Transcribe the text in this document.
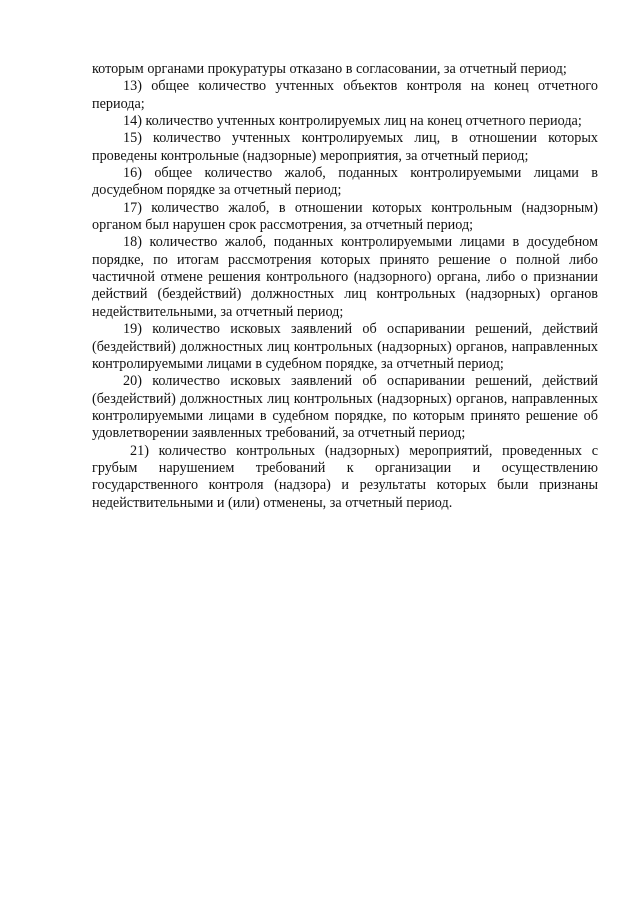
которым органами прокуратуры отказано в согласовании, за отчетный период;

13) общее количество учтенных объектов контроля на конец отчетного периода;

14) количество учтенных контролируемых лиц на конец отчетного периода;

15) количество учтенных контролируемых лиц, в отношении которых проведены контрольные (надзорные) мероприятия, за отчетный период;

16) общее количество жалоб, поданных контролируемыми лицами в досудебном порядке за отчетный период;

17) количество жалоб, в отношении которых контрольным (надзорным) органом был нарушен срок рассмотрения, за отчетный период;

18) количество жалоб, поданных контролируемыми лицами в досудебном порядке, по итогам рассмотрения которых принято решение о полной либо частичной отмене решения контрольного (надзорного) органа, либо о признании действий (бездействий) должностных лиц контрольных (надзорных) органов недействительными, за отчетный период;

19) количество исковых заявлений об оспаривании решений, действий (бездействий) должностных лиц контрольных (надзорных) органов, направленных контролируемыми лицами в судебном порядке, за отчетный период;

20) количество исковых заявлений об оспаривании решений, действий (бездействий) должностных лиц контрольных (надзорных) органов, направленных контролируемыми лицами в судебном порядке, по которым принято решение об удовлетворении заявленных требований, за отчетный период;

21) количество контрольных (надзорных) мероприятий, проведенных с грубым нарушением требований к организации и осуществлению государственного контроля (надзора) и результаты которых были признаны недействительными и (или) отменены, за отчетный период.
